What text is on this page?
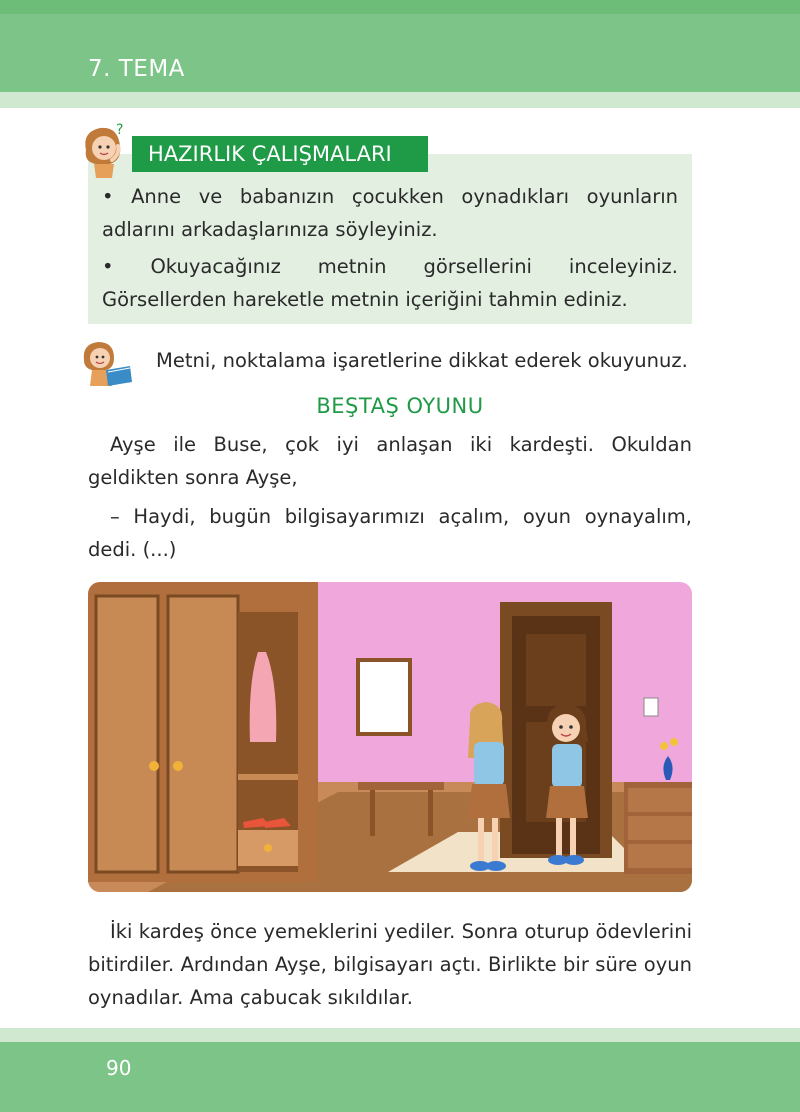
7. TEMA
HAZIRLIK ÇALIŞMALARI
?
• Anne ve babanızın çocukken oynadıkları oyunların adlarını arkadaşlarınıza söyleyiniz.
• Okuyacağınız metnin görsellerini inceleyiniz. Görsellerden hareketle metnin içeriğini tahmin ediniz.
Metni, noktalama işaretlerine dikkat ederek okuyunuz.
BEŞTAŞ OYUNU
Ayşe ile Buse, çok iyi anlaşan iki kardeşti. Okuldan geldikten sonra Ayşe,
– Haydi, bugün bilgisayarımızı açalım, oyun oynayalım, dedi. (...)
İki kardeş önce yemeklerini yediler. Sonra oturup ödevlerini bitirdiler. Ardından Ayşe, bilgisayarı açtı. Birlikte bir süre oyun oynadılar. Ama çabucak sıkıldılar.
90
